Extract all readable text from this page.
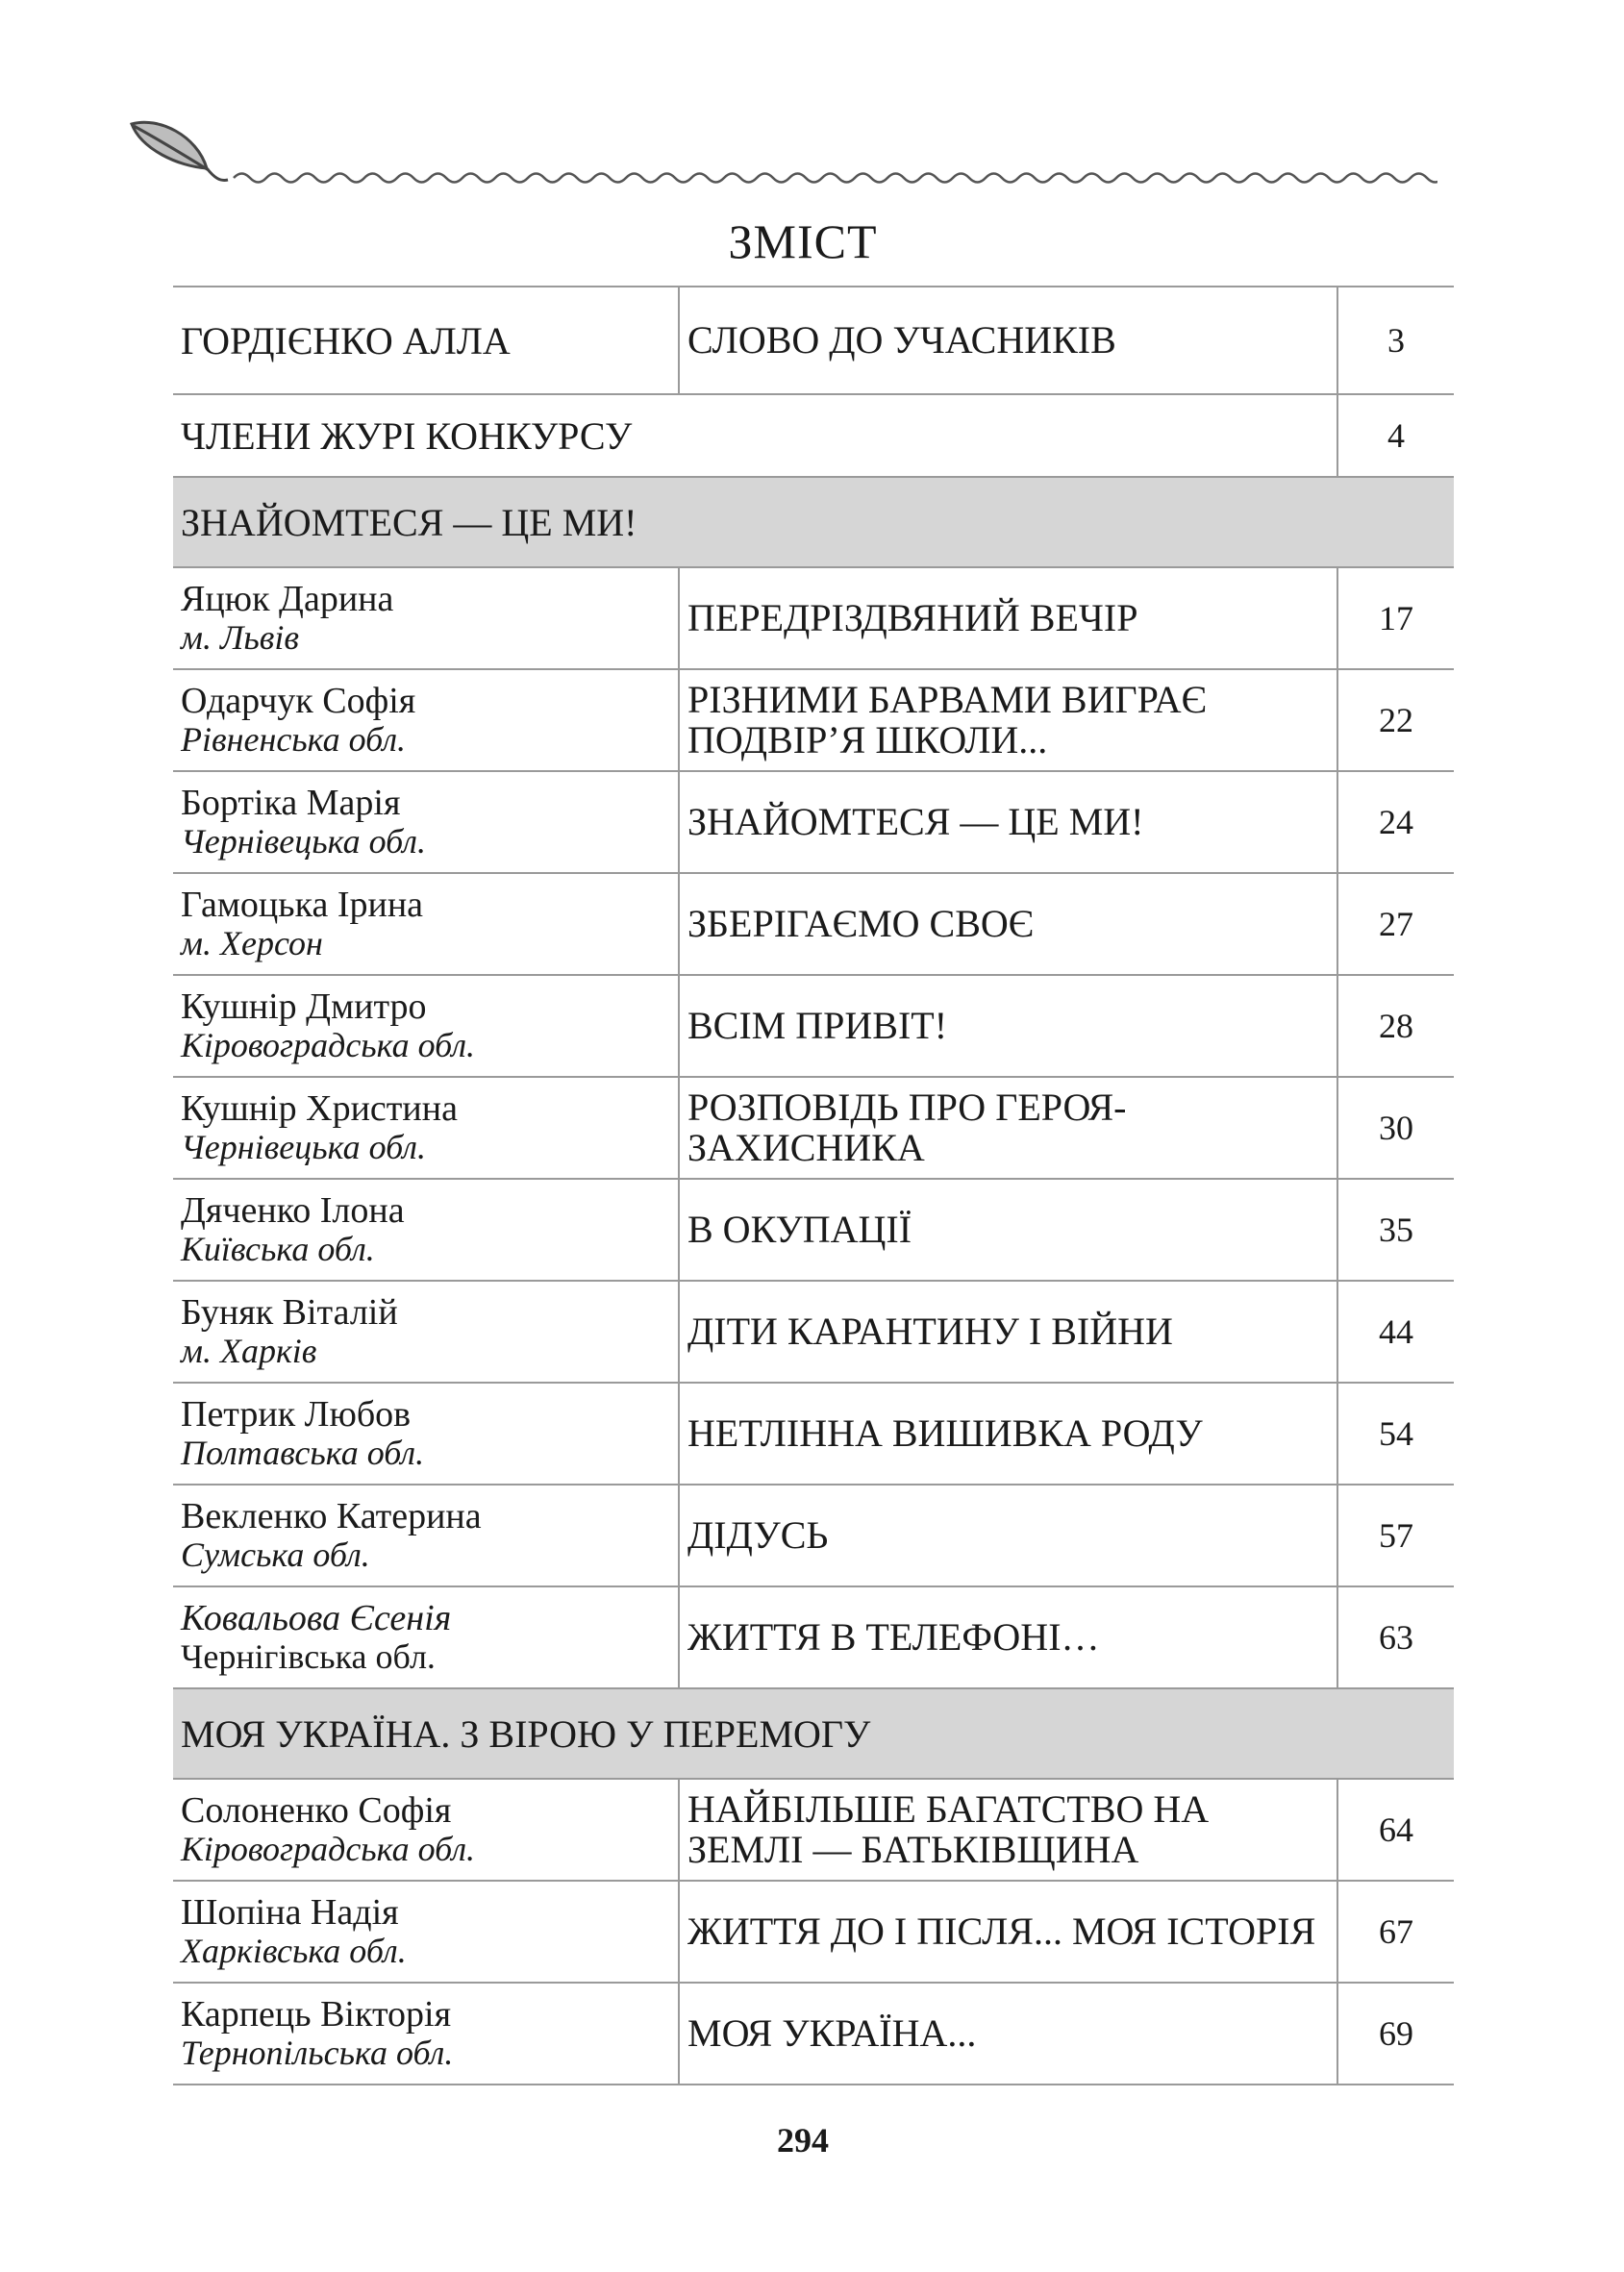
ЗМІСТ
ГОРДІЄНКО АЛЛА	СЛОВО ДО УЧАСНИКІВ	3
ЧЛЕНИ ЖУРІ КОНКУРСУ		4
ЗНАЙОМТЕСЯ — ЦЕ МИ!		

Яцюк Дарина
м. Львів	ПЕРЕДРІЗДВЯНИЙ ВЕЧІР	17

Одарчук Софія
Рівненська обл.	РІЗНИМИ БАРВАМИ ВИГРАЄ ПОДВІР’Я ШКОЛИ...	22

Бортіка Марія
Чернівецька обл.	ЗНАЙОМТЕСЯ — ЦЕ МИ!	24

Гамоцька Ірина
м. Херсон	ЗБЕРІГАЄМО СВОЄ	27

Кушнір Дмитро
Кіровоградська обл.	ВСІМ ПРИВІТ!	28

Кушнір Христина
Чернівецька обл.	РОЗПОВІДЬ ПРО ГЕРОЯ-ЗАХИСНИКА	30

Дяченко Ілона
Київська обл.	В ОКУПАЦІЇ	35

Буняк Віталій
м. Харків	ДІТИ КАРАНТИНУ І ВІЙНИ	44

Петрик Любов
Полтавська обл.	НЕТЛІННА ВИШИВКА РОДУ	54

Векленко Катерина
Сумська обл.	ДІДУСЬ	57

Ковальова Єсенія
Чернігівська обл.	ЖИТТЯ В ТЕЛЕФОНІ…	63
МОЯ УКРАЇНА. З ВІРОЮ У ПЕРЕМОГУ		

Солоненко Софія
Кіровоградська обл.	НАЙБІЛЬШЕ БАГАТСТВО НА ЗЕМЛІ — БАТЬКІВЩИНА	64

Шопіна Надія
Харківська обл.	ЖИТТЯ ДО І ПІСЛЯ... МОЯ ІСТОРІЯ	67

Карпець Вікторія
Тернопільська обл.	МОЯ УКРАЇНА...	69
294
